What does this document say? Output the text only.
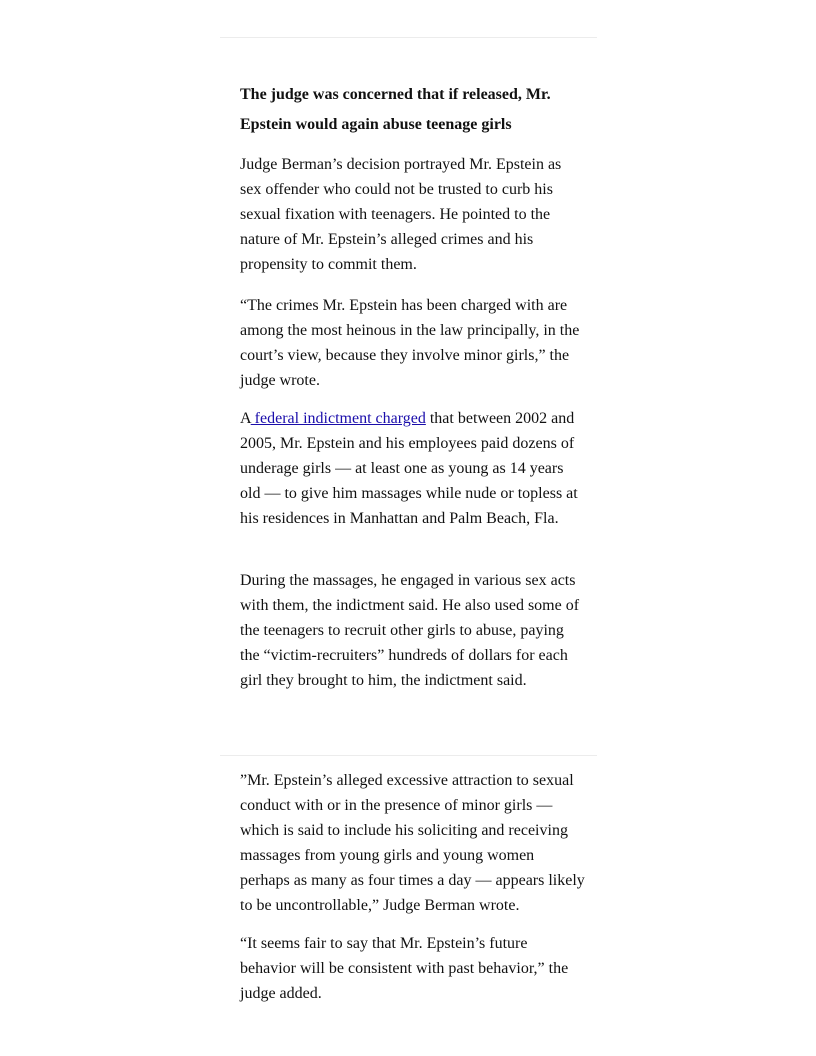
The judge was concerned that if released, Mr. Epstein would again abuse teenage girls

Judge Berman’s decision portrayed Mr. Epstein as sex offender who could not be trusted to curb his sexual fixation with teenagers. He pointed to the nature of Mr. Epstein’s alleged crimes and his propensity to commit them.

“The crimes Mr. Epstein has been charged with are among the most heinous in the law principally, in the court’s view, because they involve minor girls,” the judge wrote.

A federal indictment charged that between 2002 and 2005, Mr. Epstein and his employees paid dozens of underage girls — at least one as young as 14 years old — to give him massages while nude or topless at his residences in Manhattan and Palm Beach, Fla.

During the massages, he engaged in various sex acts with them, the indictment said. He also used some of the teenagers to recruit other girls to abuse, paying the “victim-recruiters” hundreds of dollars for each girl they brought to him, the indictment said.

”Mr. Epstein’s alleged excessive attraction to sexual conduct with or in the presence of minor girls — which is said to include his soliciting and receiving massages from young girls and young women perhaps as many as four times a day — appears likely to be uncontrollable,” Judge Berman wrote.

“It seems fair to say that Mr. Epstein’s future behavior will be consistent with past behavior,” the judge added.
